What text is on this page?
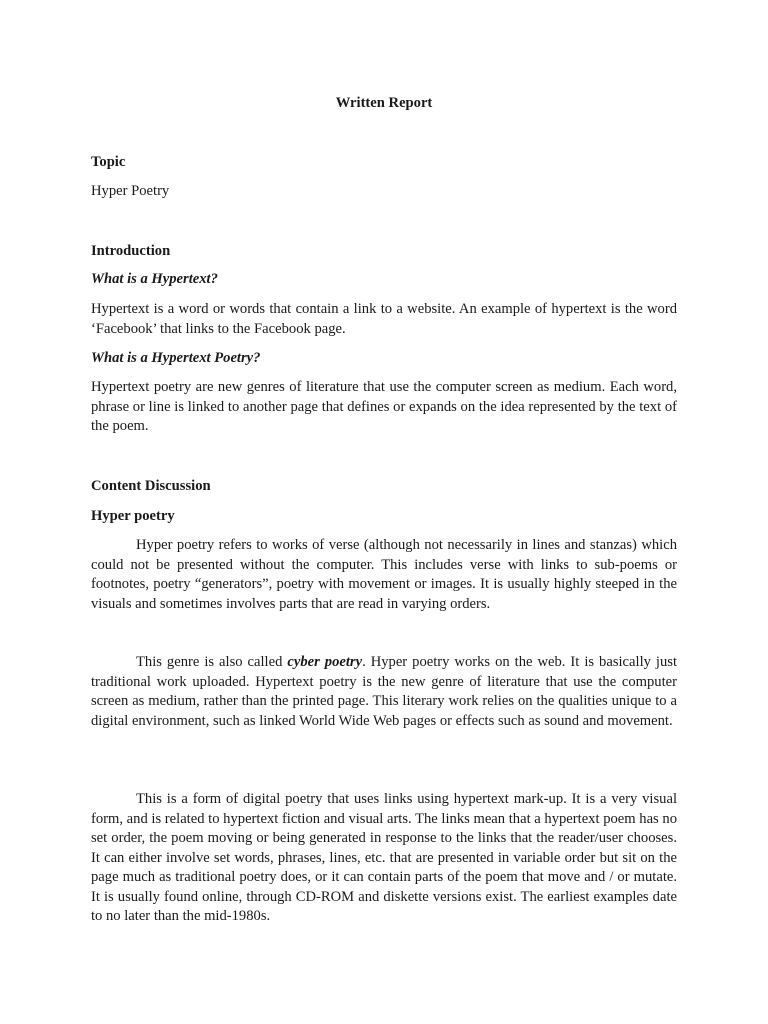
Written Report
Topic
Hyper Poetry
Introduction
What is a Hypertext?

Hypertext is a word or words that contain a link to a website. An example of hypertext is the word ‘Facebook’ that links to the Facebook page.

What is a Hypertext Poetry?

Hypertext poetry are new genres of literature that use the computer screen as medium. Each word, phrase or line is linked to another page that defines or expands on the idea represented by the text of the poem.

Content Discussion
Hyper poetry

Hyper poetry refers to works of verse (although not necessarily in lines and stanzas) which could not be presented without the computer. This includes verse with links to sub-poems or footnotes, poetry “generators”, poetry with movement or images. It is usually highly steeped in the visuals and sometimes involves parts that are read in varying orders.

This genre is also called cyber poetry. Hyper poetry works on the web. It is basically just traditional work uploaded. Hypertext poetry is the new genre of literature that use the computer screen as medium, rather than the printed page. This literary work relies on the qualities unique to a digital environment, such as linked World Wide Web pages or effects such as sound and movement.

This is a form of digital poetry that uses links using hypertext mark-up. It is a very visual form, and is related to hypertext fiction and visual arts. The links mean that a hypertext poem has no set order, the poem moving or being generated in response to the links that the reader/user chooses. It can either involve set words, phrases, lines, etc. that are presented in variable order but sit on the page much as traditional poetry does, or it can contain parts of the poem that move and / or mutate. It is usually found online, through CD-ROM and diskette versions exist. The earliest examples date to no later than the mid-1980s.
